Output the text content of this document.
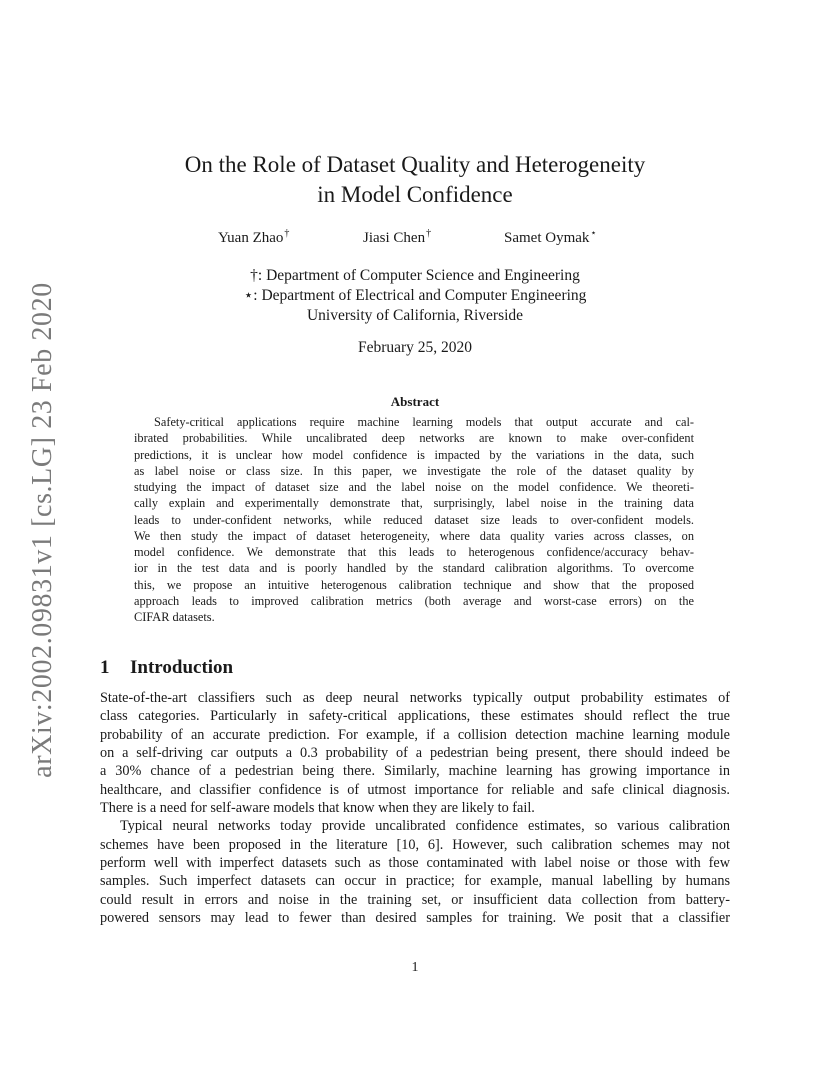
arXiv:2002.09831v1 [cs.LG] 23 Feb 2020
On the Role of Dataset Quality and Heterogeneity
in Model Confidence
Yuan Zhao†	Jiasi Chen†	Samet Oymak⋆
†: Department of Computer Science and Engineering
⋆: Department of Electrical and Computer Engineering
University of California, Riverside
February 25, 2020
Abstract
Safety-critical applications require machine learning models that output accurate and cal-
ibrated probabilities. While uncalibrated deep networks are known to make over-confident
predictions, it is unclear how model confidence is impacted by the variations in the data, such
as label noise or class size. In this paper, we investigate the role of the dataset quality by
studying the impact of dataset size and the label noise on the model confidence. We theoreti-
cally explain and experimentally demonstrate that, surprisingly, label noise in the training data
leads to under-confident networks, while reduced dataset size leads to over-confident models.
We then study the impact of dataset heterogeneity, where data quality varies across classes, on
model confidence. We demonstrate that this leads to heterogenous confidence/accuracy behav-
ior in the test data and is poorly handled by the standard calibration algorithms. To overcome
this, we propose an intuitive heterogenous calibration technique and show that the proposed
approach leads to improved calibration metrics (both average and worst-case errors) on the
CIFAR datasets.
1 Introduction
State-of-the-art classifiers such as deep neural networks typically output probability estimates of
class categories. Particularly in safety-critical applications, these estimates should reflect the true
probability of an accurate prediction. For example, if a collision detection machine learning module
on a self-driving car outputs a 0.3 probability of a pedestrian being present, there should indeed be
a 30% chance of a pedestrian being there. Similarly, machine learning has growing importance in
healthcare, and classifier confidence is of utmost importance for reliable and safe clinical diagnosis.
There is a need for self-aware models that know when they are likely to fail.
Typical neural networks today provide uncalibrated confidence estimates, so various calibration
schemes have been proposed in the literature [10, 6]. However, such calibration schemes may not
perform well with imperfect datasets such as those contaminated with label noise or those with few
samples. Such imperfect datasets can occur in practice; for example, manual labelling by humans
could result in errors and noise in the training set, or insufficient data collection from battery-
powered sensors may lead to fewer than desired samples for training. We posit that a classifier
1
